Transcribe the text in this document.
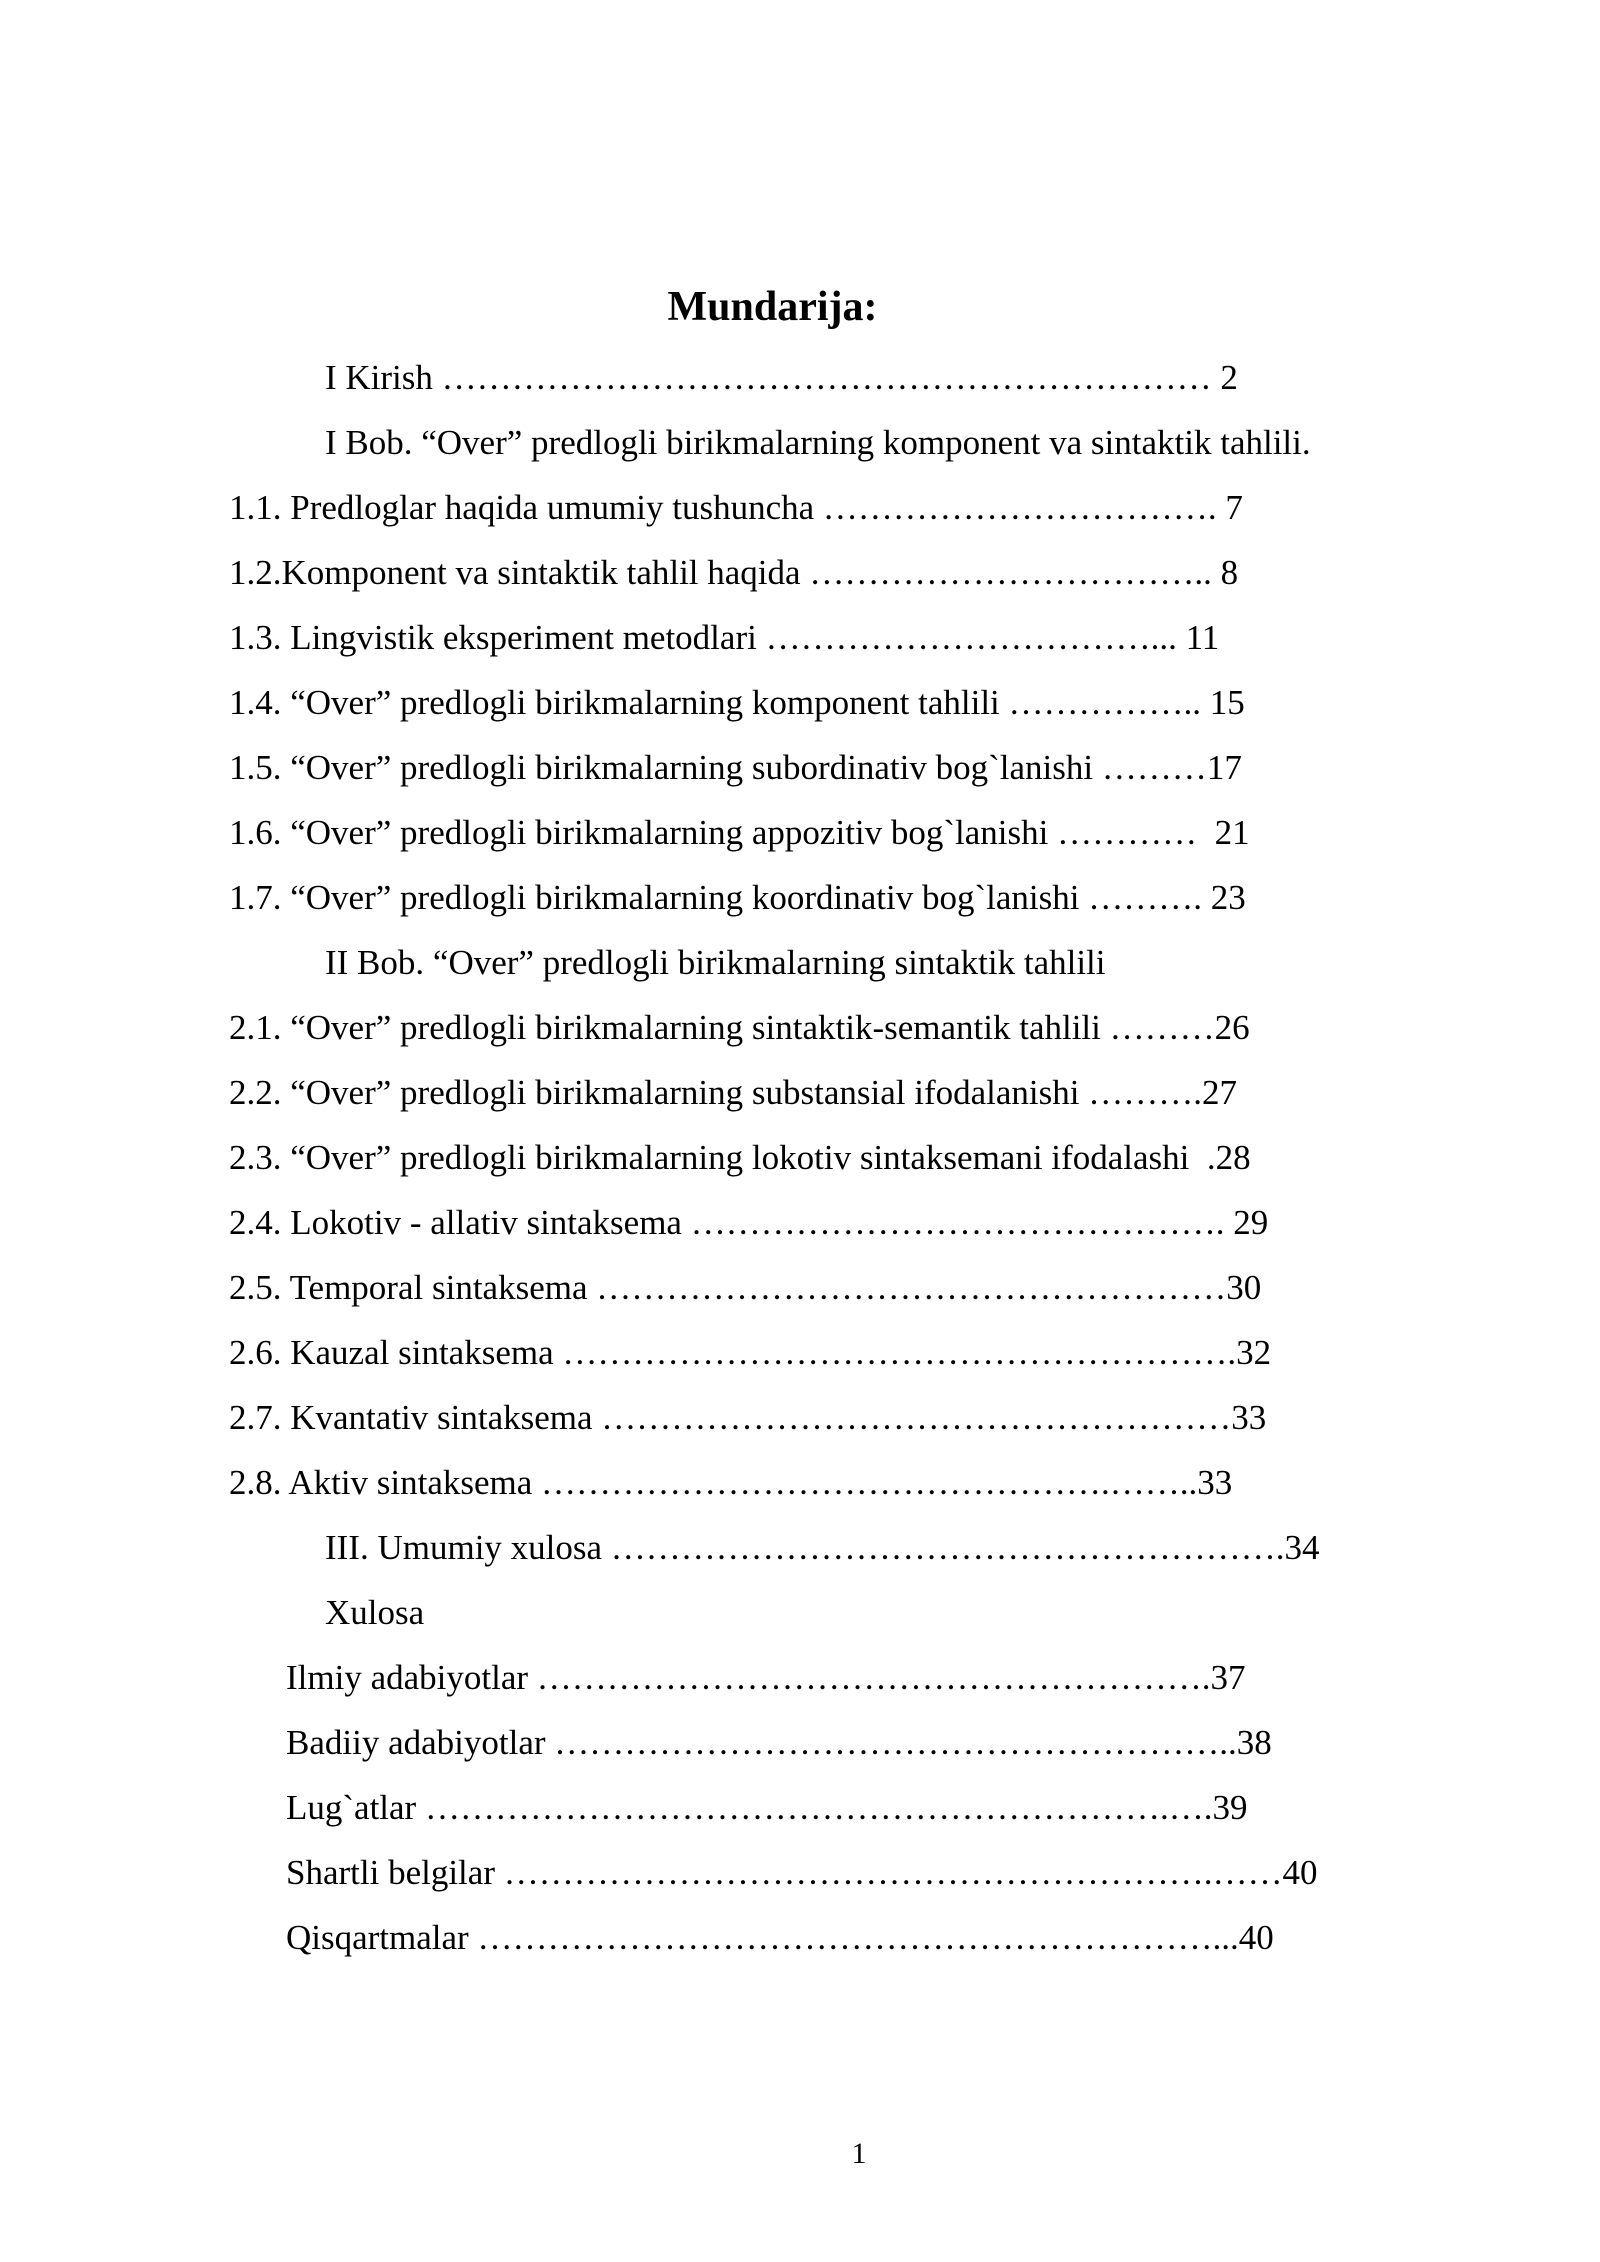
Mundarija:
I Kirish ………………………………………………………… 2
I Bob. “Over” predlogli birikmalarning komponent va sintaktik tahlili.
1.1. Predloglar haqida umumiy tushuncha ……………………………. 7
1.2.Komponent va sintaktik tahlil haqida …………………………….. 8
1.3. Lingvistik eksperiment metodlari ……………………………... 11
1.4. “Over” predlogli birikmalarning komponent tahlili …………….. 15
1.5. “Over” predlogli birikmalarning subordinativ bog`lanishi ………17
1.6. “Over” predlogli birikmalarning appozitiv bog`lanishi …………  21
1.7. “Over” predlogli birikmalarning koordinativ bog`lanishi ………. 23
II Bob. “Over” predlogli birikmalarning sintaktik tahlili
2.1. “Over” predlogli birikmalarning sintaktik-semantik tahlili ………26
2.2. “Over” predlogli birikmalarning substansial ifodalanishi ……….27
2.3. “Over” predlogli birikmalarning lokotiv sintaksemani ifodalashi  .28
2.4. Lokotiv - allativ sintaksema ………………………………………. 29
2.5. Temporal sintaksema ………………………………………………30
2.6. Kauzal sintaksema ………………………………………………….32
2.7. Kvantativ sintaksema ………………………………………………33
2.8. Aktiv sintaksema ………………………………………….……..33
III. Umumiy xulosa ………………………………………………….34
Xulosa
Ilmiy adabiyotlar ………………………………………………….37
Badiiy adabiyotlar …………………………………………………..38
Lug`atlar ……………………………………………………….….39
Shartli belgilar …………………………………………………….……40
Qisqartmalar ………………………………………………………...40
1
